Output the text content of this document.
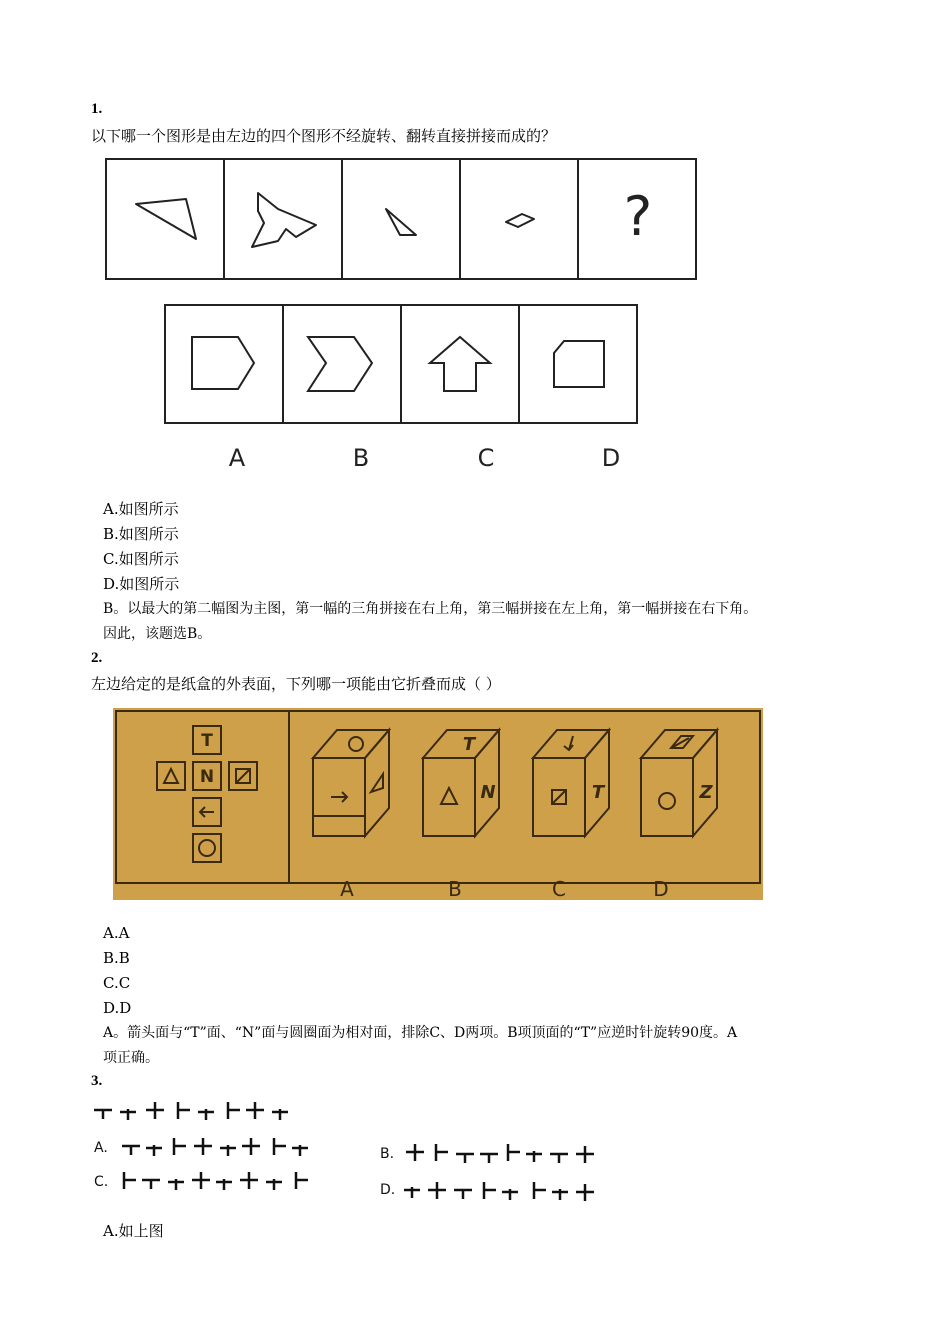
1.
以下哪一个图形是由左边的四个图形不经旋转、翻转直接拼接而成的？
?
A	B	C	D
A.如图所示
B.如图所示
C.如图所示
D.如图所示
B。以最大的第二幅图为主图，第一幅的三角拼接在右上角，第三幅拼接在左上角，第一幅拼接在右下角。
因此，该题选B。
2.
左边给定的是纸盒的外表面，下列哪一项能由它折叠而成（ ）
T
N
T
N	T	Z
A	B	C	D
A.A
B.B
C.C
D.D
A。箭头面与“T”面、“N”面与圆圈面为相对面，排除C、D两项。B项顶面的“T”应逆时针旋转90度。A
项正确。
3.
A.	B.
C.	D.
A.如上图
